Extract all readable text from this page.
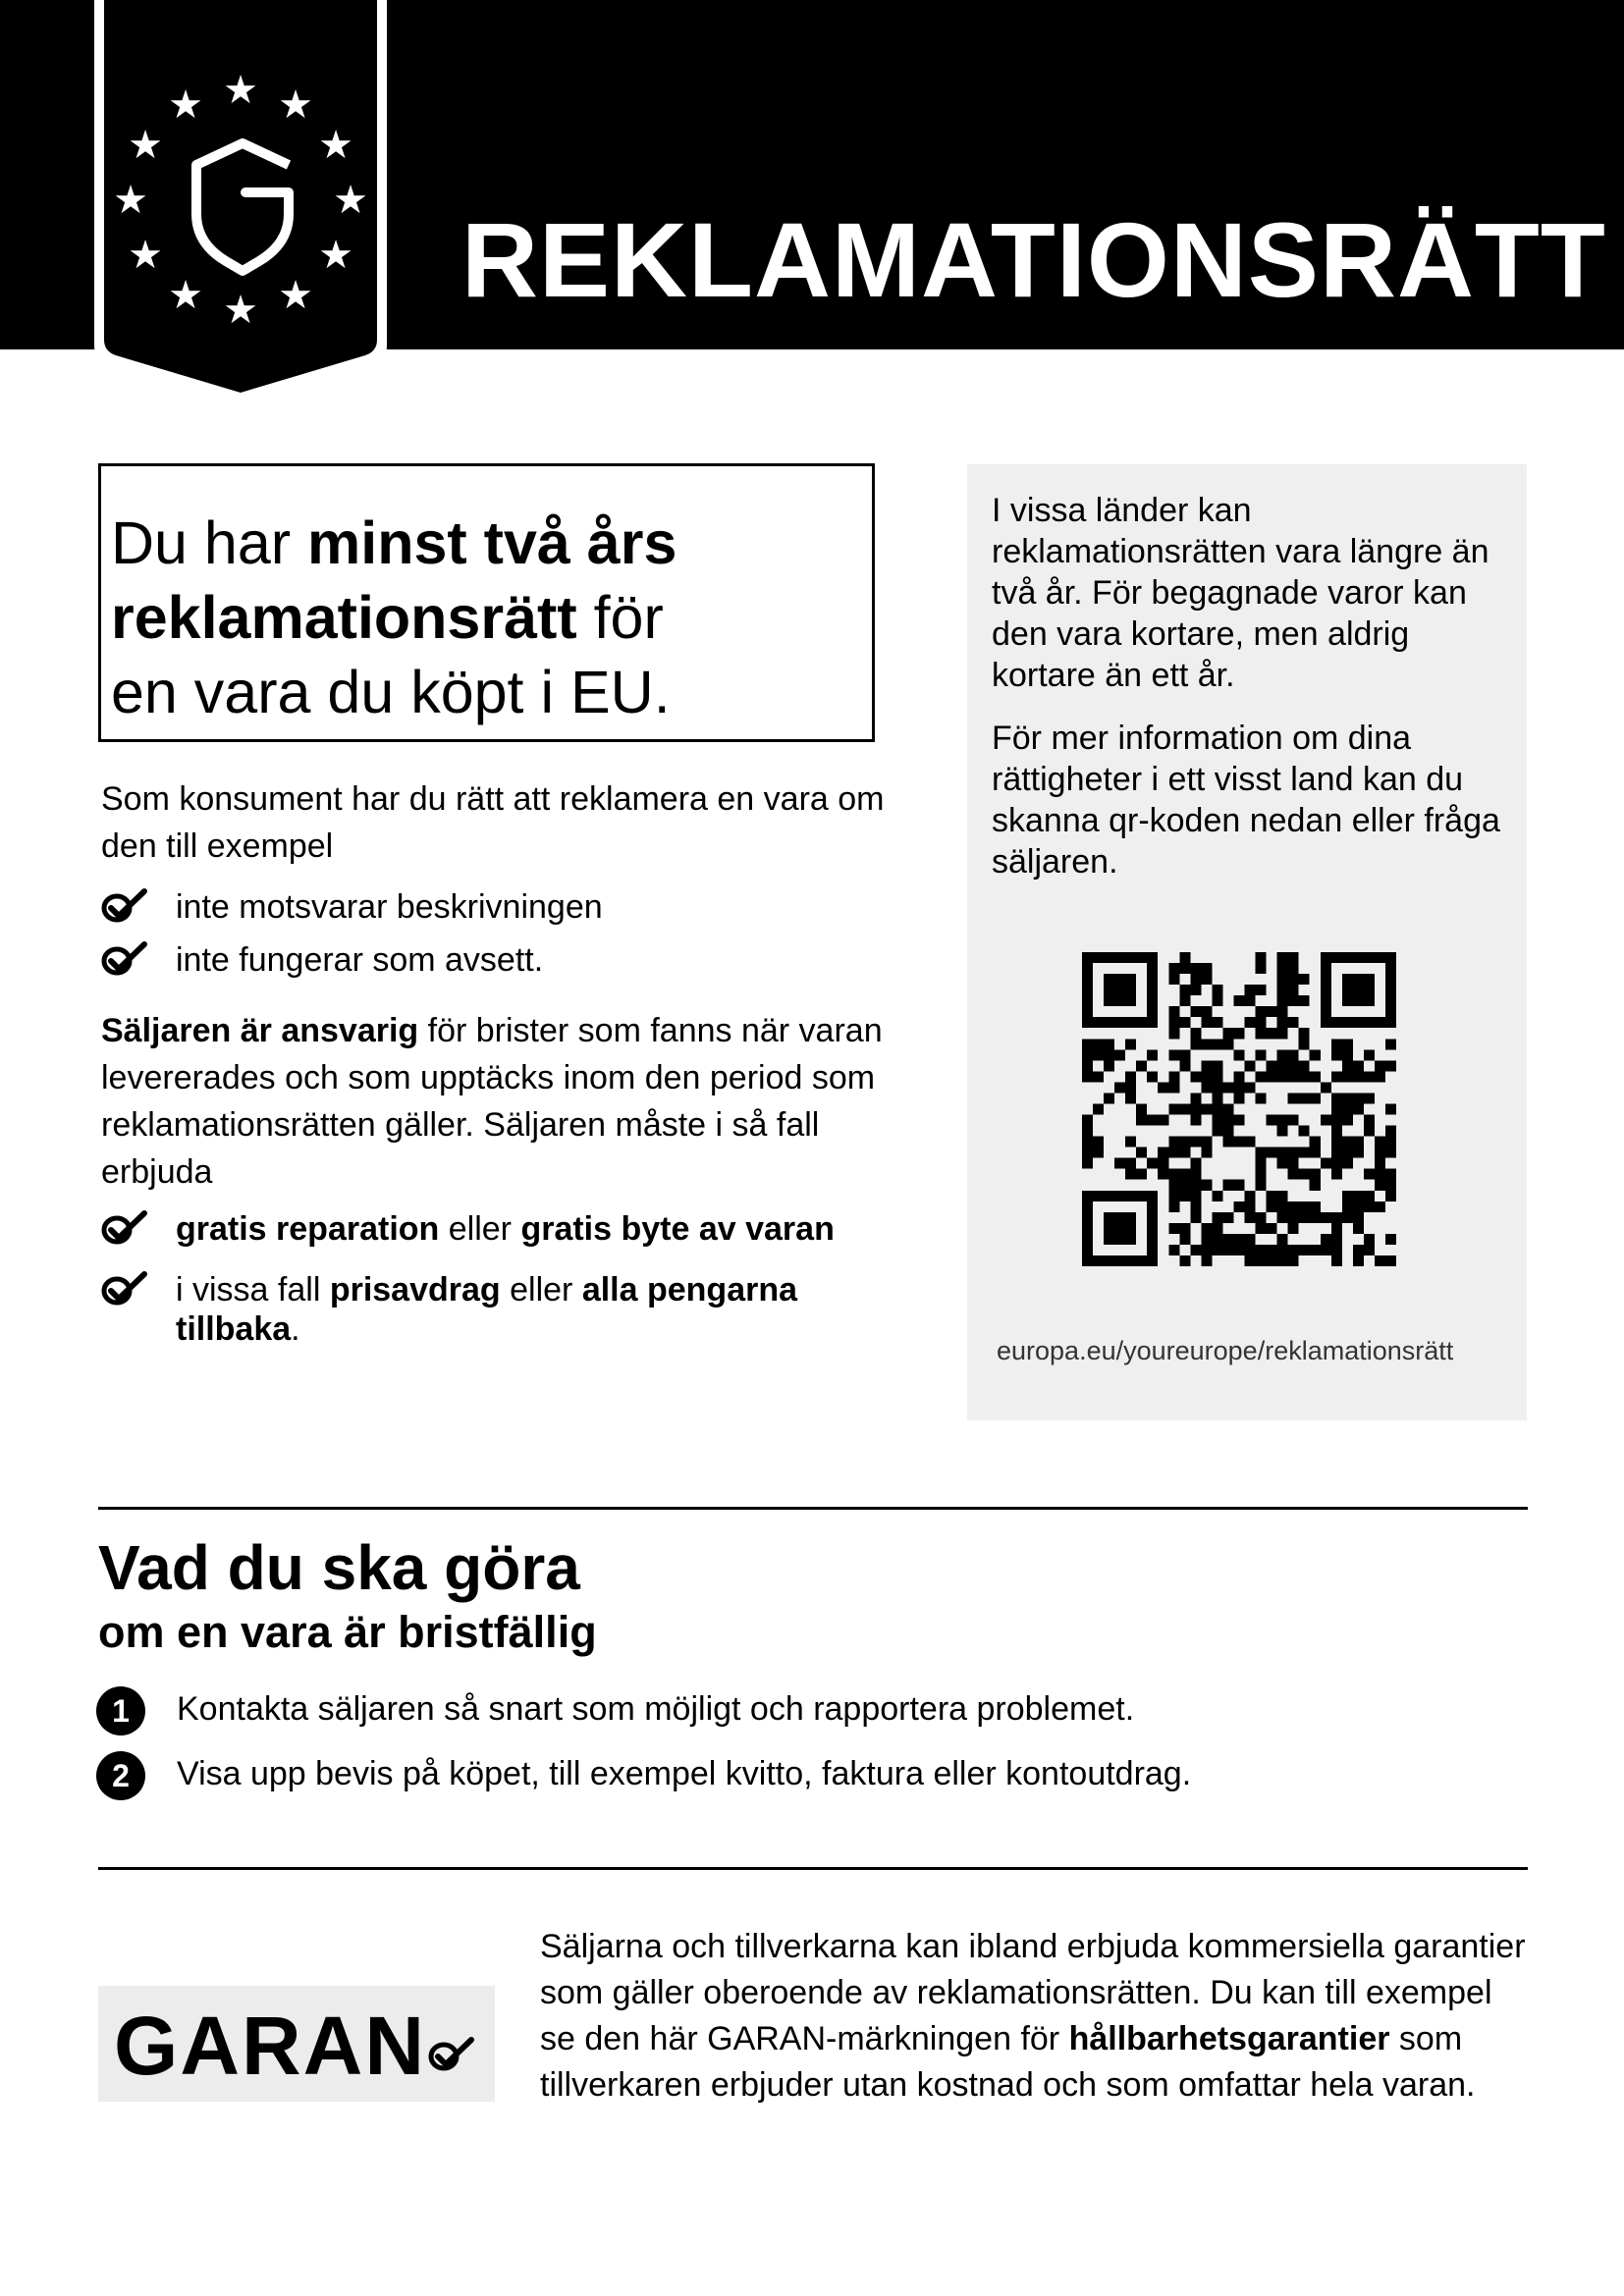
★ ★
★
★
★
★
★
★
★
★
★
★
REKLAMATIONSRÄTT

Du har minst två års
reklamationsrätt för
en vara du köpt i EU.

Som konsument har du rätt att reklamera en vara om den till exempel

inte motsvarar beskrivningen
inte fungerar som avsett.

Säljaren är ansvarig för brister som fanns när varan levererades och som upptäcks inom den period som reklamationsrätten gäller. Säljaren måste i så fall erbjuda

gratis reparation eller gratis byte av varan
i vissa fall prisavdrag eller alla pengarna tillbaka.

I vissa länder kan reklamationsrätten vara längre än två år. För begagnade varor kan den vara kortare, men aldrig kortare än ett år.

För mer information om dina rättigheter i ett visst land kan du skanna qr-koden nedan eller fråga säljaren.

europa.eu/youreurope/reklamationsrätt
Vad du ska göra
om en vara är bristfällig
1	Kontakta säljaren så snart som möjligt och rapportera problemet.
2	Visa upp bevis på köpet, till exempel kvitto, faktura eller kontoutdrag.
GARAN

Säljarna och tillverkarna kan ibland erbjuda kommersiella garantier som gäller oberoende av reklamationsrätten. Du kan till exempel se den här GARAN-märkningen för hållbarhetsgarantier som tillverkaren erbjuder utan kostnad och som omfattar hela varan.
